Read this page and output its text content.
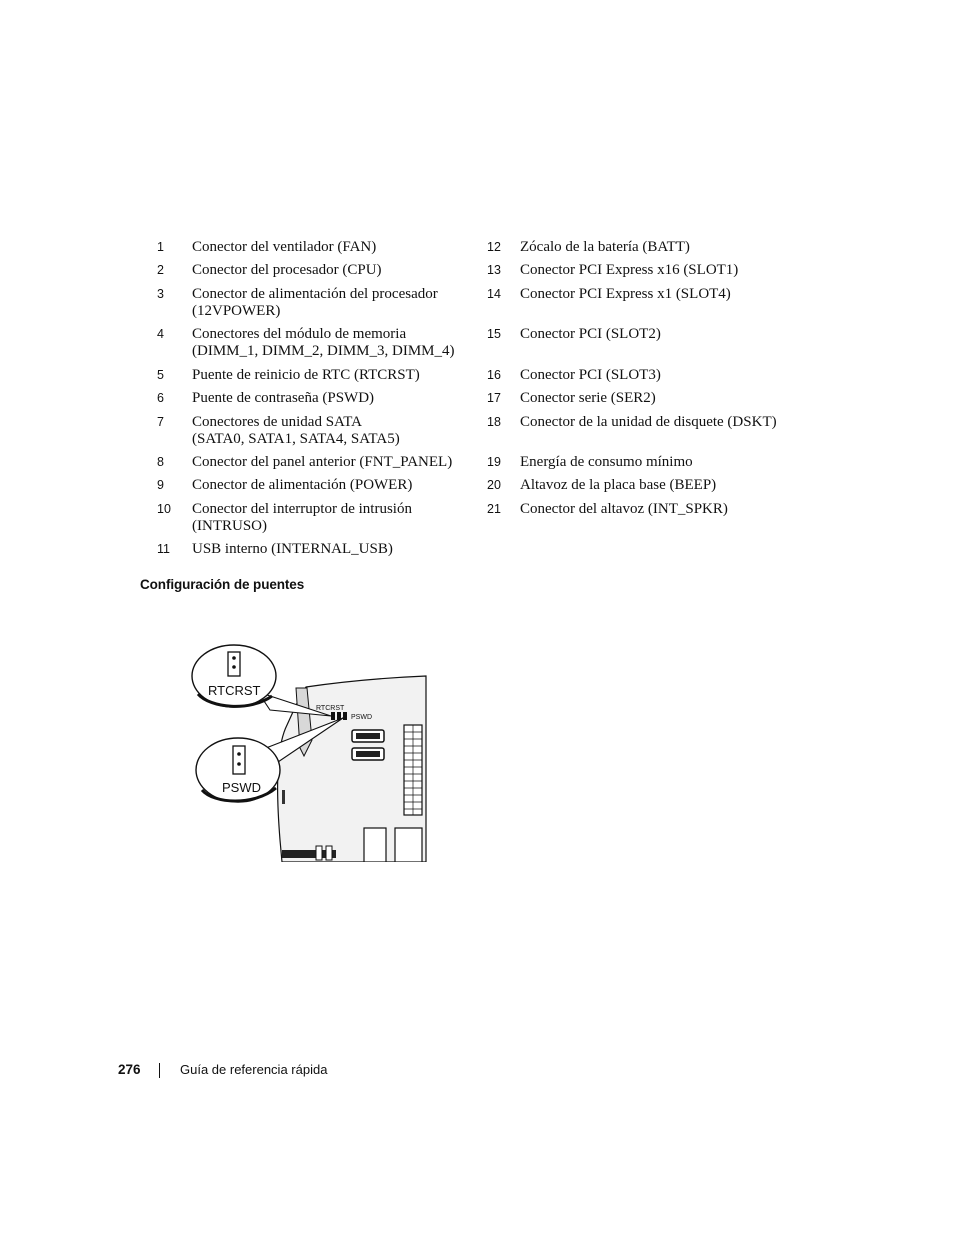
1 Conector del ventilador (FAN)
2 Conector del procesador (CPU)
3 Conector de alimentación del procesador
(12VPOWER)
4 Conectores del módulo de memoria
(DIMM_1, DIMM_2, DIMM_3, DIMM_4)
5 Puente de reinicio de RTC (RTCRST)
6 Puente de contraseña (PSWD)
7 Conectores de unidad SATA
(SATA0, SATA1, SATA4, SATA5)
8 Conector del panel anterior (FNT_PANEL)
9 Conector de alimentación (POWER)
10 Conector del interruptor de intrusión
(INTRUSO)
11 USB interno (INTERNAL_USB)
12 Zócalo de la batería (BATT)
13 Conector PCI Express x16 (SLOT1)
14 Conector PCI Express x1 (SLOT4)
15 Conector PCI (SLOT2)
16 Conector PCI (SLOT3)
17 Conector serie (SER2)
18 Conector de la unidad de disquete (DSKT)
19 Energía de consumo mínimo
20 Altavoz de la placa base (BEEP)
21 Conector del altavoz (INT_SPKR)
Configuración de puentes
RTCRST
PSWD
RTCRST
PSWD
276	Guía de referencia rápida
